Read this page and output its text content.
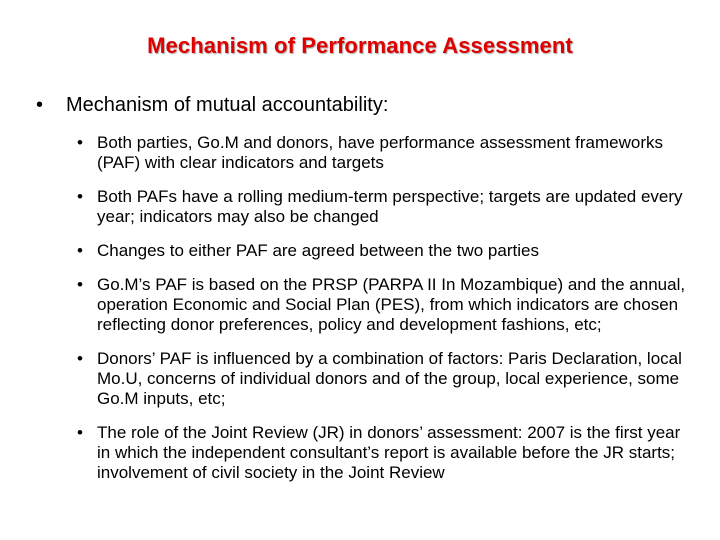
Mechanism of Performance Assessment
•	Mechanism of mutual accountability:
• Both parties, Go.M and donors, have performance assessment frameworks (PAF) with clear indicators and targets
• Both PAFs have a rolling medium-term perspective; targets are updated every year; indicators may also be changed
• Changes to either PAF are agreed between the two parties
• Go.M’s PAF is based on the PRSP (PARPA II In Mozambique) and the annual, operation Economic and Social Plan (PES), from which indicators are chosen reflecting donor preferences, policy and development fashions, etc;
• Donors’ PAF is influenced by a combination of factors: Paris Declaration, local Mo.U, concerns of individual donors and of the group, local experience, some Go.M inputs, etc;
• The role of the Joint Review (JR) in donors’ assessment: 2007 is the first year in which the independent consultant’s report is available before the JR starts; involvement of civil society in the Joint Review
